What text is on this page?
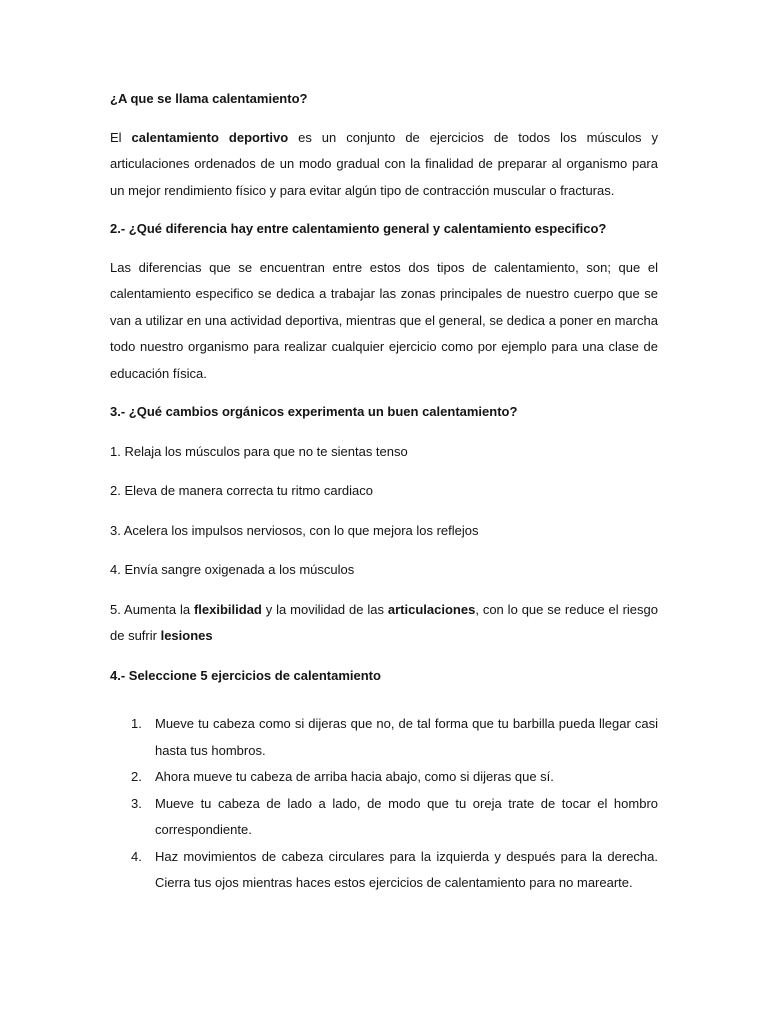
¿A que se llama calentamiento?

El calentamiento deportivo es un conjunto de ejercicios de todos los músculos y articulaciones ordenados de un modo gradual con la finalidad de preparar al organismo para un mejor rendimiento físico y para evitar algún tipo de contracción muscular o fracturas.

2.- ¿Qué diferencia hay entre calentamiento general y calentamiento especifico?

Las diferencias que se encuentran entre estos dos tipos de calentamiento, son; que el calentamiento especifico se dedica a trabajar las zonas principales de nuestro cuerpo que se van a utilizar en una actividad deportiva, mientras que el general, se dedica a poner en marcha todo nuestro organismo para realizar cualquier ejercicio como por ejemplo para una clase de educación física.

3.- ¿Qué cambios orgánicos experimenta un buen calentamiento?

1. Relaja los músculos para que no te sientas tenso

2. Eleva de manera correcta tu ritmo cardiaco

3. Acelera los impulsos nerviosos, con lo que mejora los reflejos

4. Envía sangre oxigenada a los músculos

5. Aumenta la flexibilidad y la movilidad de las articulaciones, con lo que se reduce el riesgo de sufrir lesiones

4.- Seleccione 5 ejercicios de calentamiento

1. Mueve tu cabeza como si dijeras que no, de tal forma que tu barbilla pueda llegar casi hasta tus hombros.
2. Ahora mueve tu cabeza de arriba hacia abajo, como si dijeras que sí.
3. Mueve tu cabeza de lado a lado, de modo que tu oreja trate de tocar el hombro correspondiente.
4. Haz movimientos de cabeza circulares para la izquierda y después para la derecha. Cierra tus ojos mientras haces estos ejercicios de calentamiento para no marearte.
